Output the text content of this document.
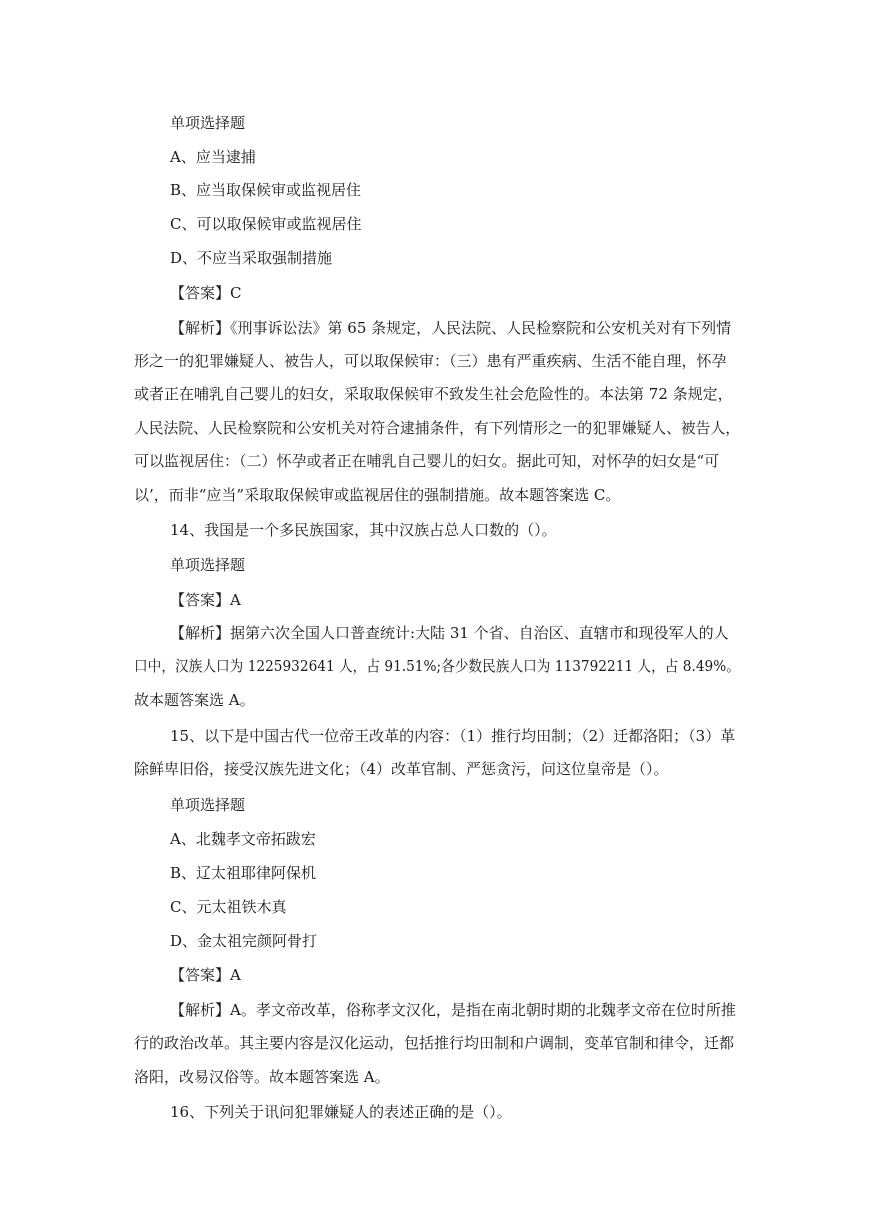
单项选择题
A、应当逮捕
B、应当取保候审或监视居住
C、可以取保候审或监视居住
D、不应当采取强制措施
【答案】C
【解析】《刑事诉讼法》第 65 条规定，人民法院、人民检察院和公安机关对有下列情
形之一的犯罪嫌疑人、被告人，可以取保候审：（三）患有严重疾病、生活不能自理，怀孕
或者正在哺乳自己婴儿的妇女，采取取保候审不致发生社会危险性的。本法第 72 条规定，
人民法院、人民检察院和公安机关对符合逮捕条件，有下列情形之一的犯罪嫌疑人、被告人，
可以监视居住：（二）怀孕或者正在哺乳自己婴儿的妇女。据此可知，对怀孕的妇女是“可
以’，而非“应当”采取取保候审或监视居住的强制措施。故本题答案选 C。
14、我国是一个多民族国家，其中汉族占总人口数的（）。
单项选择题
【答案】A
【解析】据第六次全国人口普查统计:大陆 31 个省、自治区、直辖市和现役军人的人
口中，汉族人口为 1225932641 人，占 91.51%;各少数民族人口为 113792211 人，占 8.49%。
故本题答案选 A。
15、以下是中国古代一位帝王改革的内容：（1）推行均田制；（2）迁都洛阳；（3）革
除鲜卑旧俗，接受汉族先进文化；（4）改革官制、严惩贪污，问这位皇帝是（）。
单项选择题
A、北魏孝文帝拓跋宏
B、辽太祖耶律阿保机
C、元太祖铁木真
D、金太祖完颜阿骨打
【答案】A
【解析】A。孝文帝改革，俗称孝文汉化，是指在南北朝时期的北魏孝文帝在位时所推
行的政治改革。其主要内容是汉化运动，包括推行均田制和户调制，变革官制和律令，迁都
洛阳，改易汉俗等。故本题答案选 A。
16、下列关于讯问犯罪嫌疑人的表述正确的是（）。
